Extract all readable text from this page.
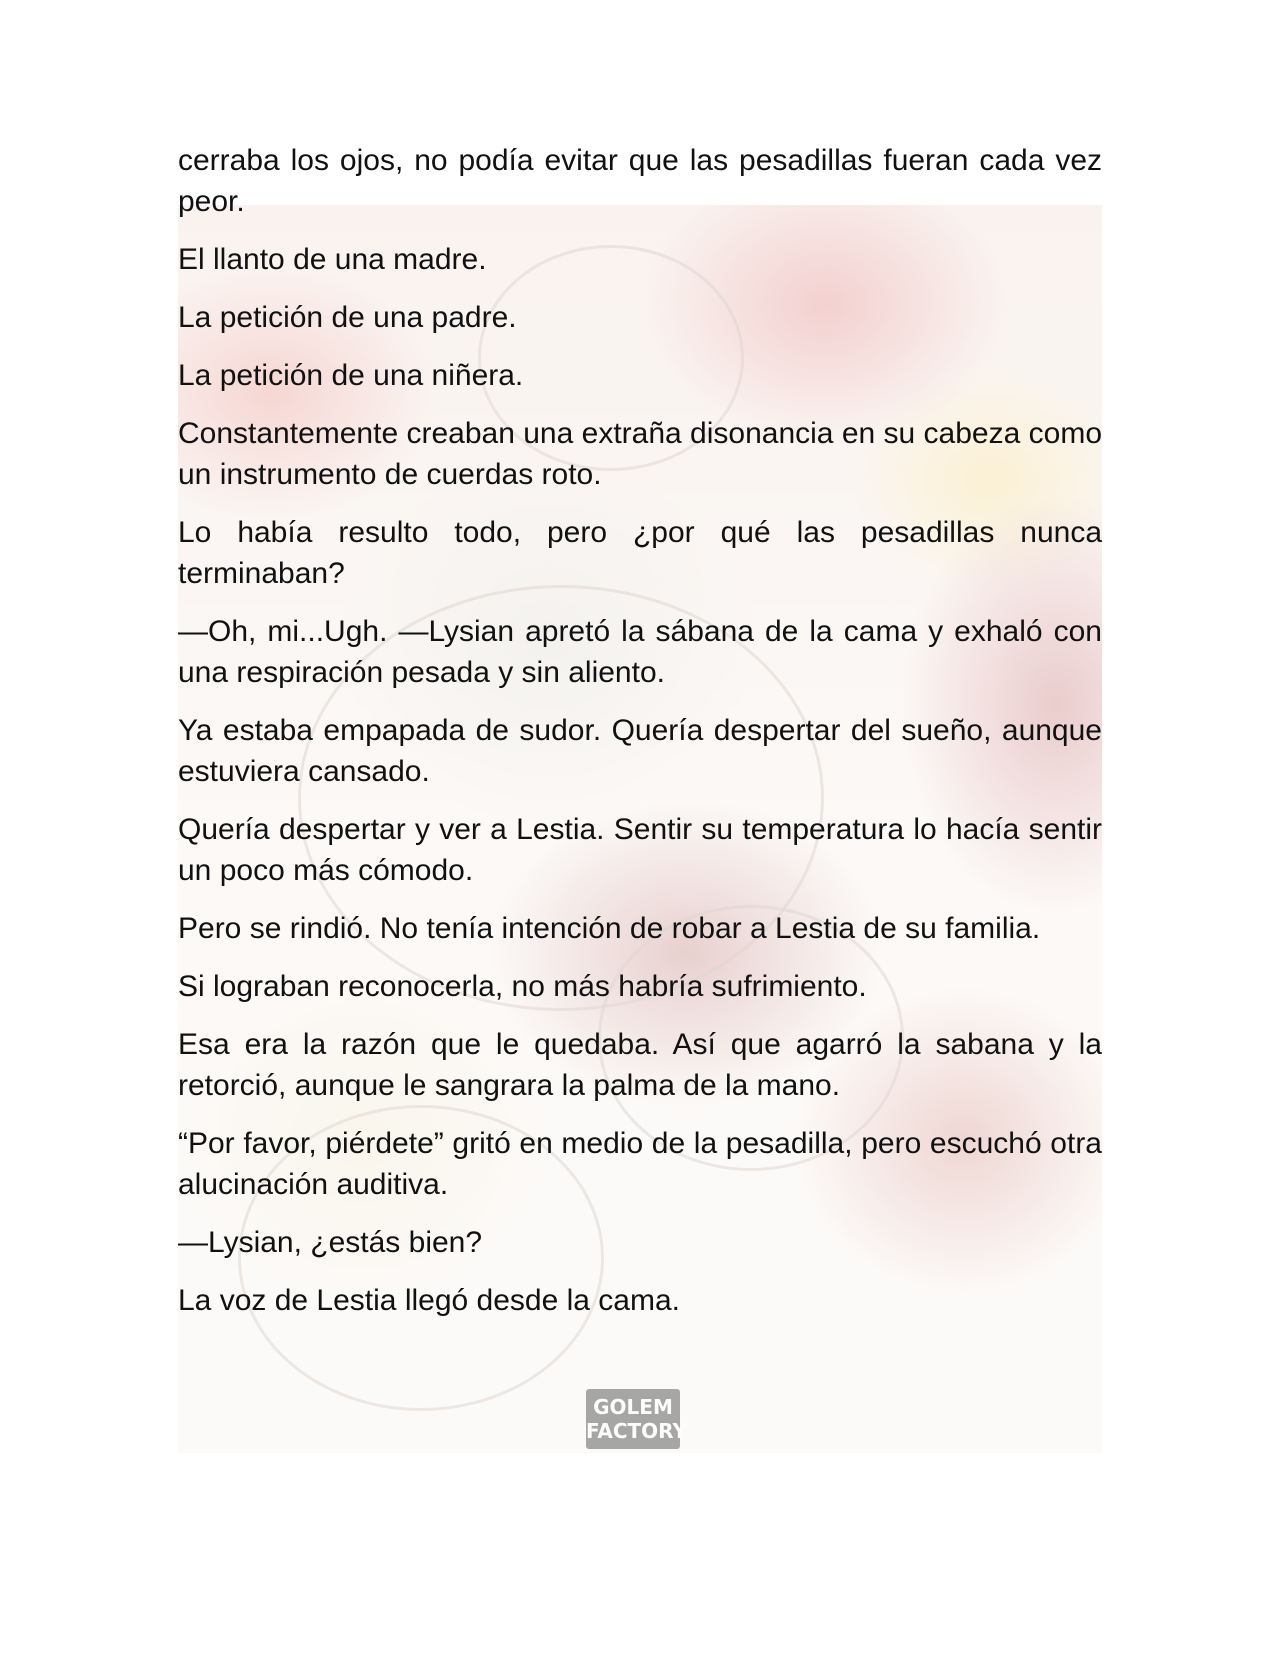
GOLEM
FACTORY

cerraba los ojos, no podía evitar que las pesadillas fueran cada vez peor.

El llanto de una madre.

La petición de una padre.

La petición de una niñera.

Constantemente creaban una extraña disonancia en su cabeza como un instrumento de cuerdas roto.

Lo había resulto todo, pero ¿por qué las pesadillas nunca terminaban?

—Oh, mi...Ugh. —Lysian apretó la sábana de la cama y exhaló con una respiración pesada y sin aliento.

Ya estaba empapada de sudor. Quería despertar del sueño, aunque estuviera cansado.

Quería despertar y ver a Lestia. Sentir su temperatura lo hacía sentir un poco más cómodo.

Pero se rindió. No tenía intención de robar a Lestia de su familia.

Si lograban reconocerla, no más habría sufrimiento.

Esa era la razón que le quedaba. Así que agarró la sabana y la retorció, aunque le sangrara la palma de la mano.

“Por favor, piérdete” gritó en medio de la pesadilla, pero escuchó otra alucinación auditiva.

—Lysian, ¿estás bien?

La voz de Lestia llegó desde la cama.
